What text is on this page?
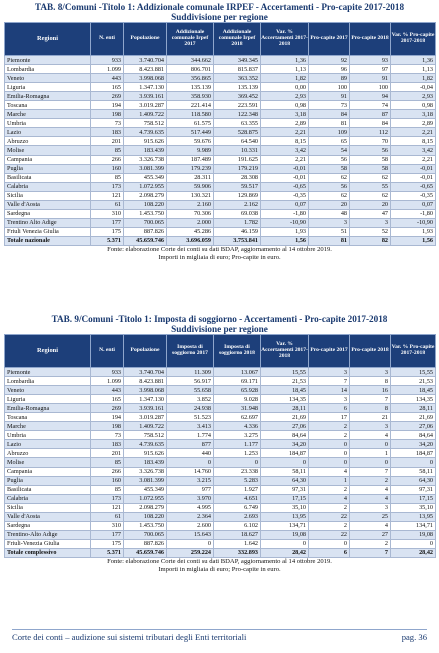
TAB. 8/Comuni -Titolo 1: Addizionale comunale IRPEF - Accertamenti - Pro-capite 2017-2018
Suddivisione per regione
Regioni	N. enti	Popolazione	Addizionale comunale Irpef 2017	Addizionale comunale Irpef 2018	Var. % Accertamenti 2017-2018	Pro-capite 2017	Pro-capite 2018	Var. % Pro-capite 2017-2018
Piemonte	933	3.740.704	344.662	349.345	1,36	92	93	1,36
Lombardia	1.099	8.423.881	806.701	815.837	1,13	96	97	1,13
Veneto	443	3.998.068	356.865	363.352	1,82	89	91	1,82
Liguria	165	1.347.130	135.139	135.139	0,00	100	100	-0,04
Emilia-Romagna	269	3.939.161	358.930	369.452	2,93	91	94	2,93
Toscana	194	3.019.287	221.414	223.591	0,98	73	74	0,98
Marche	198	1.409.722	118.580	122.348	3,18	84	87	3,18
Umbria	73	758.512	61.575	63.355	2,89	81	84	2,89
Lazio	183	4.739.635	517.449	528.875	2,21	109	112	2,21
Abruzzo	201	915.626	59.676	64.540	8,15	65	70	8,15
Molise	85	183.439	9.989	10.331	3,42	54	56	3,42
Campania	266	3.326.738	187.489	191.625	2,21	56	58	2,21
Puglia	160	3.081.399	179.239	179.219	-0,01	58	58	-0,01
Basilicata	85	455.349	28.311	28.308	-0,01	62	62	-0,01
Calabria	173	1.072.955	59.906	59.517	-0,65	56	55	-0,65
Sicilia	121	2.098.279	130.321	129.869	-0,35	62	62	-0,35
Valle d'Aosta	61	108.220	2.160	2.162	0,07	20	20	0,07
Sardegna	310	1.453.750	70.306	69.038	-1,80	48	47	-1,80
Trentino Alto Adige	177	700.065	2.000	1.782	-10,90	3	3	-10,90
Friuli Venezia Giulia	175	887.826	45.286	46.159	1,93	51	52	1,93
Totale nazionale	5.371	45.659.746	3.696.059	3.753.841	1,56	81	82	1,56
Fonte: elaborazione Corte dei conti su dati BDAP, aggiornamento al 14 ottobre 2019.
Importi in migliaia di euro; Pro-capite in euro.
TAB. 9/Comuni -Titolo 1: Imposta di soggiorno - Accertamenti - Pro-capite 2017-2018
Suddivisione per regione
Regioni	N. enti	Popolazione	Imposta di soggiorno 2017	Imposta di soggiorno 2018	Var. % Accertamenti 2017-2018	Pro-capite 2017	Pro-capite 2018	Var. % Pro-capite 2017-2018
Piemonte	933	3.740.704	11.309	13.067	15,55	3	3	15,55
Lombardia	1.099	8.423.881	56.917	69.171	21,53	7	8	21,53
Veneto	443	3.998.068	55.658	65.928	18,45	14	16	18,45
Liguria	165	1.347.130	3.852	9.028	134,35	3	7	134,35
Emilia-Romagna	269	3.939.161	24.938	31.948	28,11	6	8	28,11
Toscana	194	3.019.287	51.523	62.697	21,69	17	21	21,69
Marche	198	1.409.722	3.413	4.336	27,06	2	3	27,06
Umbria	73	758.512	1.774	3.275	84,64	2	4	84,64
Lazio	183	4.739.635	877	1.177	34,20	0	0	34,20
Abruzzo	201	915.626	440	1.253	184,87	0	1	184,87
Molise	85	183.439	0	0	0	0	0	0
Campania	266	3.326.738	14.760	23.338	58,11	4	7	58,11
Puglia	160	3.081.399	3.215	5.283	64,30	1	2	64,30
Basilicata	85	455.349	977	1.927	97,31	2	4	97,31
Calabria	173	1.072.955	3.970	4.651	17,15	4	4	17,15
Sicilia	121	2.098.279	4.995	6.749	35,10	2	3	35,10
Valle d'Aosta	61	108.220	2.364	2.693	13,95	22	25	13,95
Sardegna	310	1.453.750	2.600	6.102	134,71	2	4	134,71
Trentino-Alto Adige	177	700.065	15.643	18.627	19,08	22	27	19,08
Friuli-Venezia Giulia	175	887.826	0	1.642	0	0	2	0
Totale complessivo	5.371	45.659.746	259.224	332.893	28,42	6	7	28,42
Fonte: elaborazione Corte dei conti su dati BDAP, aggiornamento al 14 ottobre 2019.
Importi in migliaia di euro; Pro-capite in euro.
Corte dei conti – audizione sui sistemi tributari degli Enti territoriali	pag. 36
